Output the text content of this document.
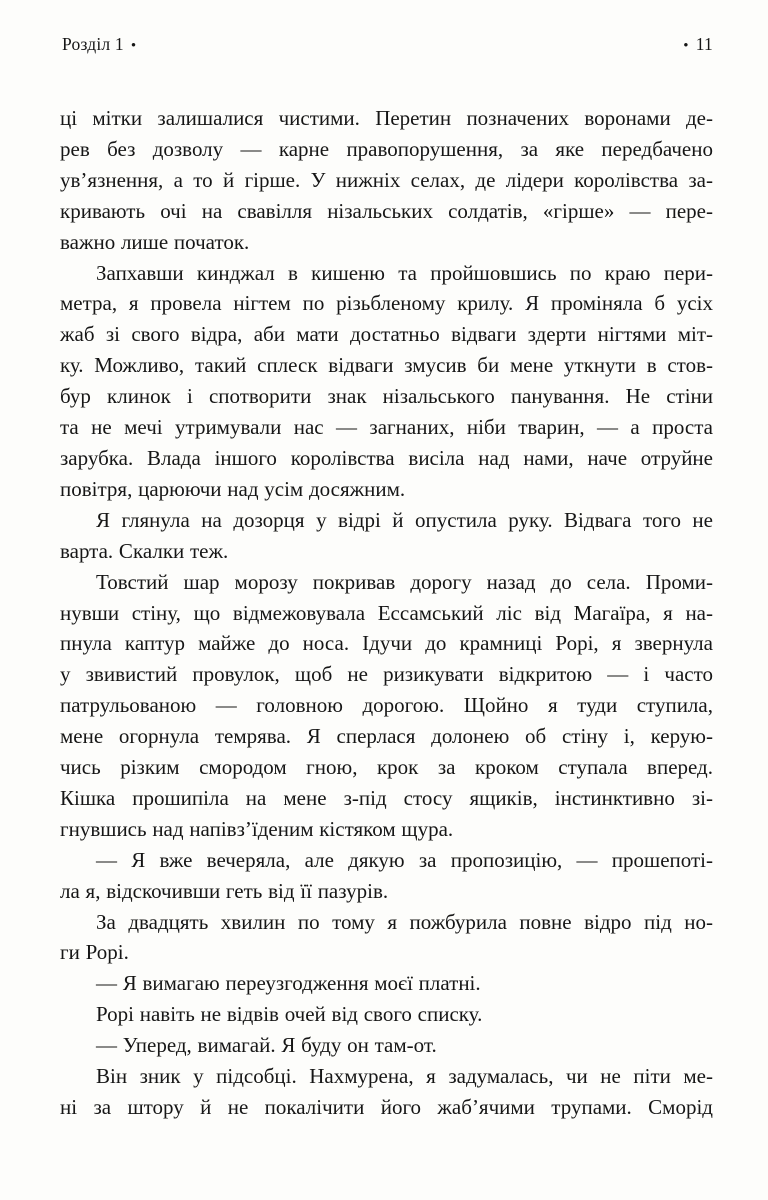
Розділ 1 •	• 11
ці мітки залишалися чистими. Перетин позначених воронами де-
рев без дозволу — карне правопорушення, за яке передбачено
ув’язнення, а то й гірше. У нижніх селах, де лідери королівства за-
кривають очі на свавілля нізальських солдатів, «гірше» — пере-
важно лише початок.
Запхавши кинджал в кишеню та пройшовшись по краю пери-
метра, я провела нігтем по різьбленому крилу. Я проміняла б усіх
жаб зі свого відра, аби мати достатньо відваги здерти нігтями міт-
ку. Можливо, такий сплеск відваги змусив би мене уткнути в стов-
бур клинок і спотворити знак нізальського панування. Не стіни
та не мечі утримували нас — загнаних, ніби тварин, — а проста
зарубка. Влада іншого королівства висіла над нами, наче отруйне
повітря, царюючи над усім досяжним.
Я глянула на дозорця у відрі й опустила руку. Відвага того не
варта. Скалки теж.
Товстий шар морозу покривав дорогу назад до села. Проми-
нувши стіну, що відмежовувала Ессамський ліс від Магаїра, я на-
пнула каптур майже до носа. Ідучи до крамниці Рорі, я звернула
у звивистий провулок, щоб не ризикувати відкритою — і часто
патрульованою — головною дорогою. Щойно я туди ступила,
мене огорнула темрява. Я сперлася долонею об стіну і, керую-
чись різким смородом гною, крок за кроком ступала вперед.
Кішка прошипіла на мене з-під стосу ящиків, інстинктивно зі-
гнувшись над напівз’їденим кістяком щура.
— Я вже вечеряла, але дякую за пропозицію, — прошепоті-
ла я, відскочивши геть від її пазурів.
За двадцять хвилин по тому я пожбурила повне відро під но-
ги Рорі.
— Я вимагаю переузгодження моєї платні.
Рорі навіть не відвів очей від свого списку.
— Уперед, вимагай. Я буду он там-от.
Він зник у підсобці. Нахмурена, я задумалась, чи не піти ме-
ні за штору й не покалічити його жаб’ячими трупами. Сморід
